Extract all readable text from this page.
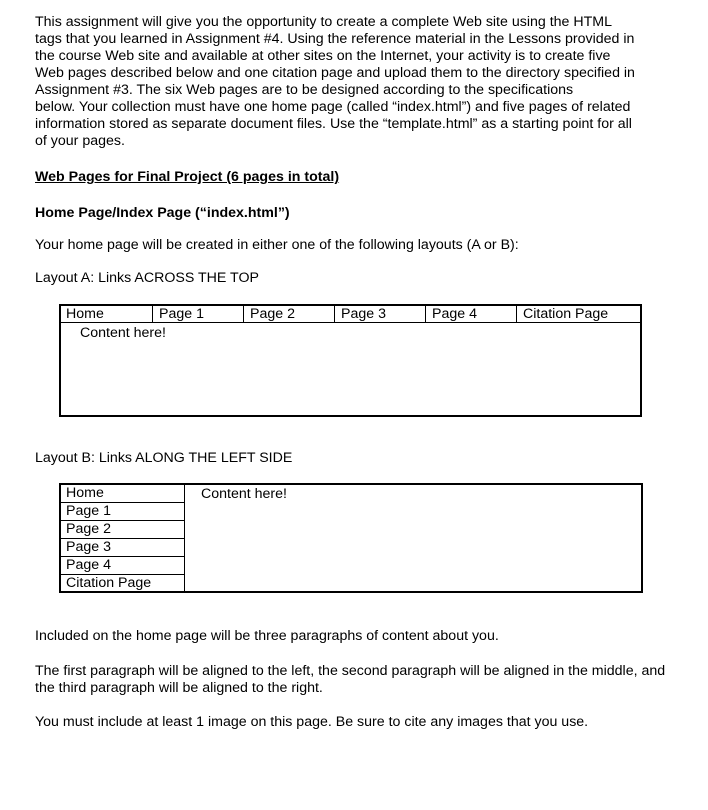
This assignment will give you the opportunity to create a complete Web site using the HTML
tags that you learned in Assignment #4. Using the reference material in the Lessons provided in
the course Web site and available at other sites on the Internet, your activity is to create five
Web pages described below and one citation page and upload them to the directory specified in
Assignment #3. The six Web pages are to be designed according to the specifications
below. Your collection must have one home page (called “index.html”) and five pages of related
information stored as separate document files. Use the “template.html” as a starting point for all
of your pages.
Web Pages for Final Project (6 pages in total)
Home Page/Index Page (“index.html”)
Your home page will be created in either one of the following layouts (A or B):
Layout A: Links ACROSS THE TOP
Home	Page 1	Page 2	Page 3	Page 4	Citation Page
Content here!
Layout B: Links ALONG THE LEFT SIDE
Home
Page 1
Page 2
Page 3
Page 4
Citation Page
Content here!
Included on the home page will be three paragraphs of content about you.
The first paragraph will be aligned to the left, the second paragraph will be aligned in the middle, and the third paragraph will be aligned to the right.
You must include at least 1 image on this page. Be sure to cite any images that you use.
